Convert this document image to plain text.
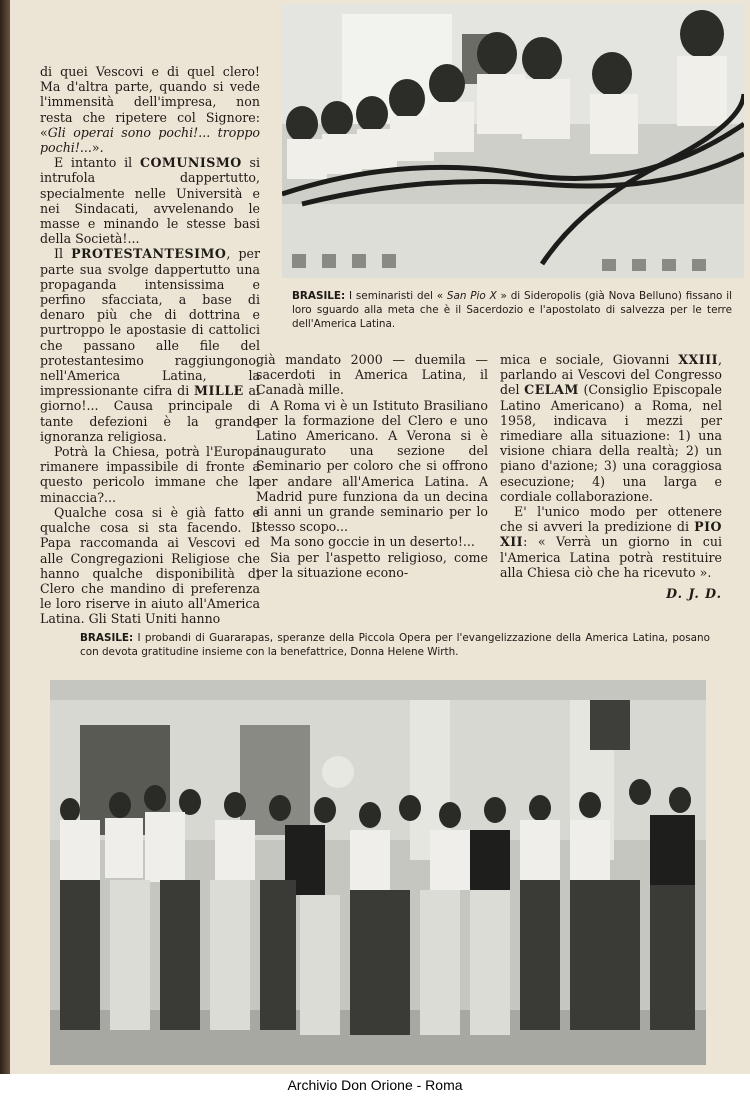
di quei Vescovi e di quel clero! Ma d'altra parte, quando si vede l'immensità dell'impresa, non resta che ripetere col Signore: «Gli operai sono pochi!... troppo pochi!...».

E intanto il COMUNISMO si intrufola dappertutto, specialmente nelle Università e nei Sindacati, avvelenando le masse e minando le stesse basi della Società!...

Il PROTESTANTESIMO, per parte sua svolge dappertutto una propaganda intensissima e perfino sfacciata, a base di denaro più che di dottrina e purtroppo le apostasie di cattolici che passano alle file del protestantesimo raggiungono, nell'America Latina, la impressionante cifra di MILLE al giorno!... Causa principale di tante defezioni è la grande ignoranza religiosa.

Potrà la Chiesa, potrà l'Europa rimanere impassibile di fronte a questo pericolo immane che la minaccia?...

Qualche cosa si è già fatto e qualche cosa si sta facendo. Il Papa raccomanda ai Vescovi ed alle Congregazioni Religiose che hanno qualche disponibilità di Clero che mandino di preferenza le loro riserve in aiuto all'America Latina. Gli Stati Uniti hanno

BRASILE: I seminaristi del « San Pio X » di Sideropolis (già Nova Belluno) fissano il loro sguardo alla meta che è il Sacerdozio e l'apostolato di salvezza per le terre dell'America Latina.

già mandato 2000 — duemila — sacerdoti in America Latina, il Canadà mille.

A Roma vi è un Istituto Brasiliano per la formazione del Clero e uno Latino Americano. A Verona si è inaugurato una sezione del Seminario per coloro che si offrono per andare all'America Latina. A Madrid pure funziona da un decina di anni un grande seminario per lo stesso scopo...

Ma sono goccie in un deserto!...

Sia per l'aspetto religioso, come per la situazione econo-

mica e sociale, Giovanni XXIII, parlando ai Vescovi del Congresso del CELAM (Consiglio Episcopale Latino Americano) a Roma, nel 1958, indicava i mezzi per rimediare alla situazione: 1) una visione chiara della realtà; 2) un piano d'azione; 3) una coraggiosa esecuzione; 4) una larga e cordiale collaborazione.

E' l'unico modo per ottenere che si avveri la predizione di PIO XII: « Verrà un giorno in cui l'America Latina potrà restituire alla Chiesa ciò che ha ricevuto ».

D. J. D.
BRASILE: I probandi di Guararapas, speranze della Piccola Opera per l'evangelizzazione della America Latina, posano con devota gratitudine insieme con la benefattrice, Donna Helene Wirth.
Archivio Don Orione - Roma
